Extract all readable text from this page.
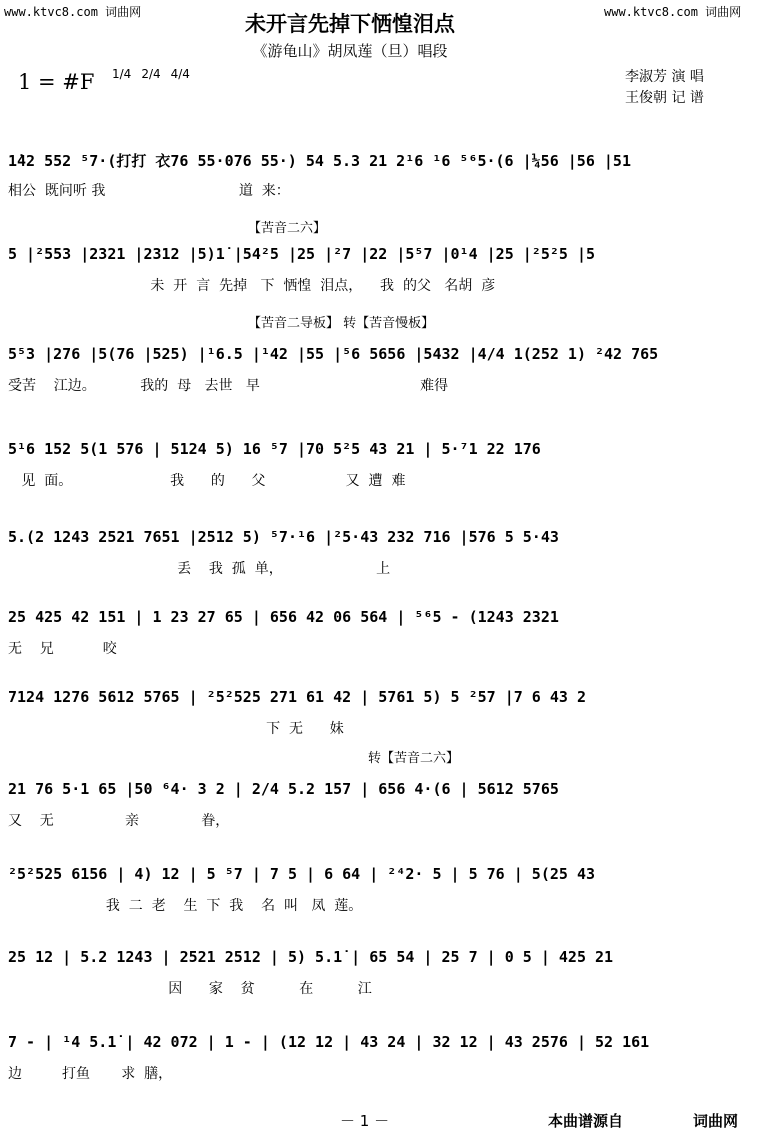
www.ktvc8.com 词曲网	www.ktvc8.com 词曲网
未开言先掉下恓惶泪点
《游龟山》胡凤莲（旦）唱段
1 = #F 1/4 2/4 4/4	李淑芳 演 唱
王俊朝 记 谱
1̇42 552 ⁵7·(打打 衣76 55·076 55·) 54 5.3 21 2¹6 ¹6 ⁵⁶5·(6 |¼56 |56 |51
相公  既问听 我                              道  来：
【苦音二六】
5 |²553 |2321 |2312 |5)1̇ |54²5 |25 |²7 |22 |5⁵7 |0¹4 |25 |²5²5 |5
未  开  言  先掉   下  恓惶  泪点，    我  的父   名胡  彦
【苦音二导板】 转【苦音慢板】
5⁵3 |276 |5(76 |525) |¹6.5 |¹42 |55 |⁵6 5656 |5432 |4/4 1(252 1) ²42 765
受苦    江边。          我的  母   去世   早                                    难得
5¹6 152 5(1 576 | 5124 5) 16 ⁵7 |70 5²5 43 21 | 5·⁷1 22 176
见  面。                      我      的      父                  又  遭  难
5.(2 1243 2521 7651 |2512 5) ⁵7·¹6 |²5·43 232 716 |576 5 5·43
丢    我  孤  单，                     上
25 425 42 151 | 1 23 27 65 | 656 42 06 564 | ⁵⁶5 - (1243 2321
无    兄           咬
7124 1276 5612 5765 | ²5²525 271 61 42 | 5761 5) 5 ²57 |7 6 43 2
下  无      妹
转【苦音二六】
21 76 5·1 65 |50 ⁶4· 3 2 | 2/4 5.2 157 | 656 4·(6 | 5612 5765
又    无                亲              眷，
²5²525 6156 | 4) 12 | 5 ⁵7 | 7 5 | 6 64 | ²⁴2· 5 | 5 76 | 5(25 43
我  二  老    生  下  我    名  叫   凤  莲。
25 12 | 5.2 1243 | 2521 2512 | 5) 5.1̇ | 65 54 | 25 7 | 0 5 | 425 21
因      家    贫          在          江
7 - | ¹4 5.1̇ | 42 072 | 1 - | (12 12 | 43 24 | 32 12 | 43 2576 | 52 161
边         打鱼       求  膳，
－ 1 －	本曲谱源自	词曲网
